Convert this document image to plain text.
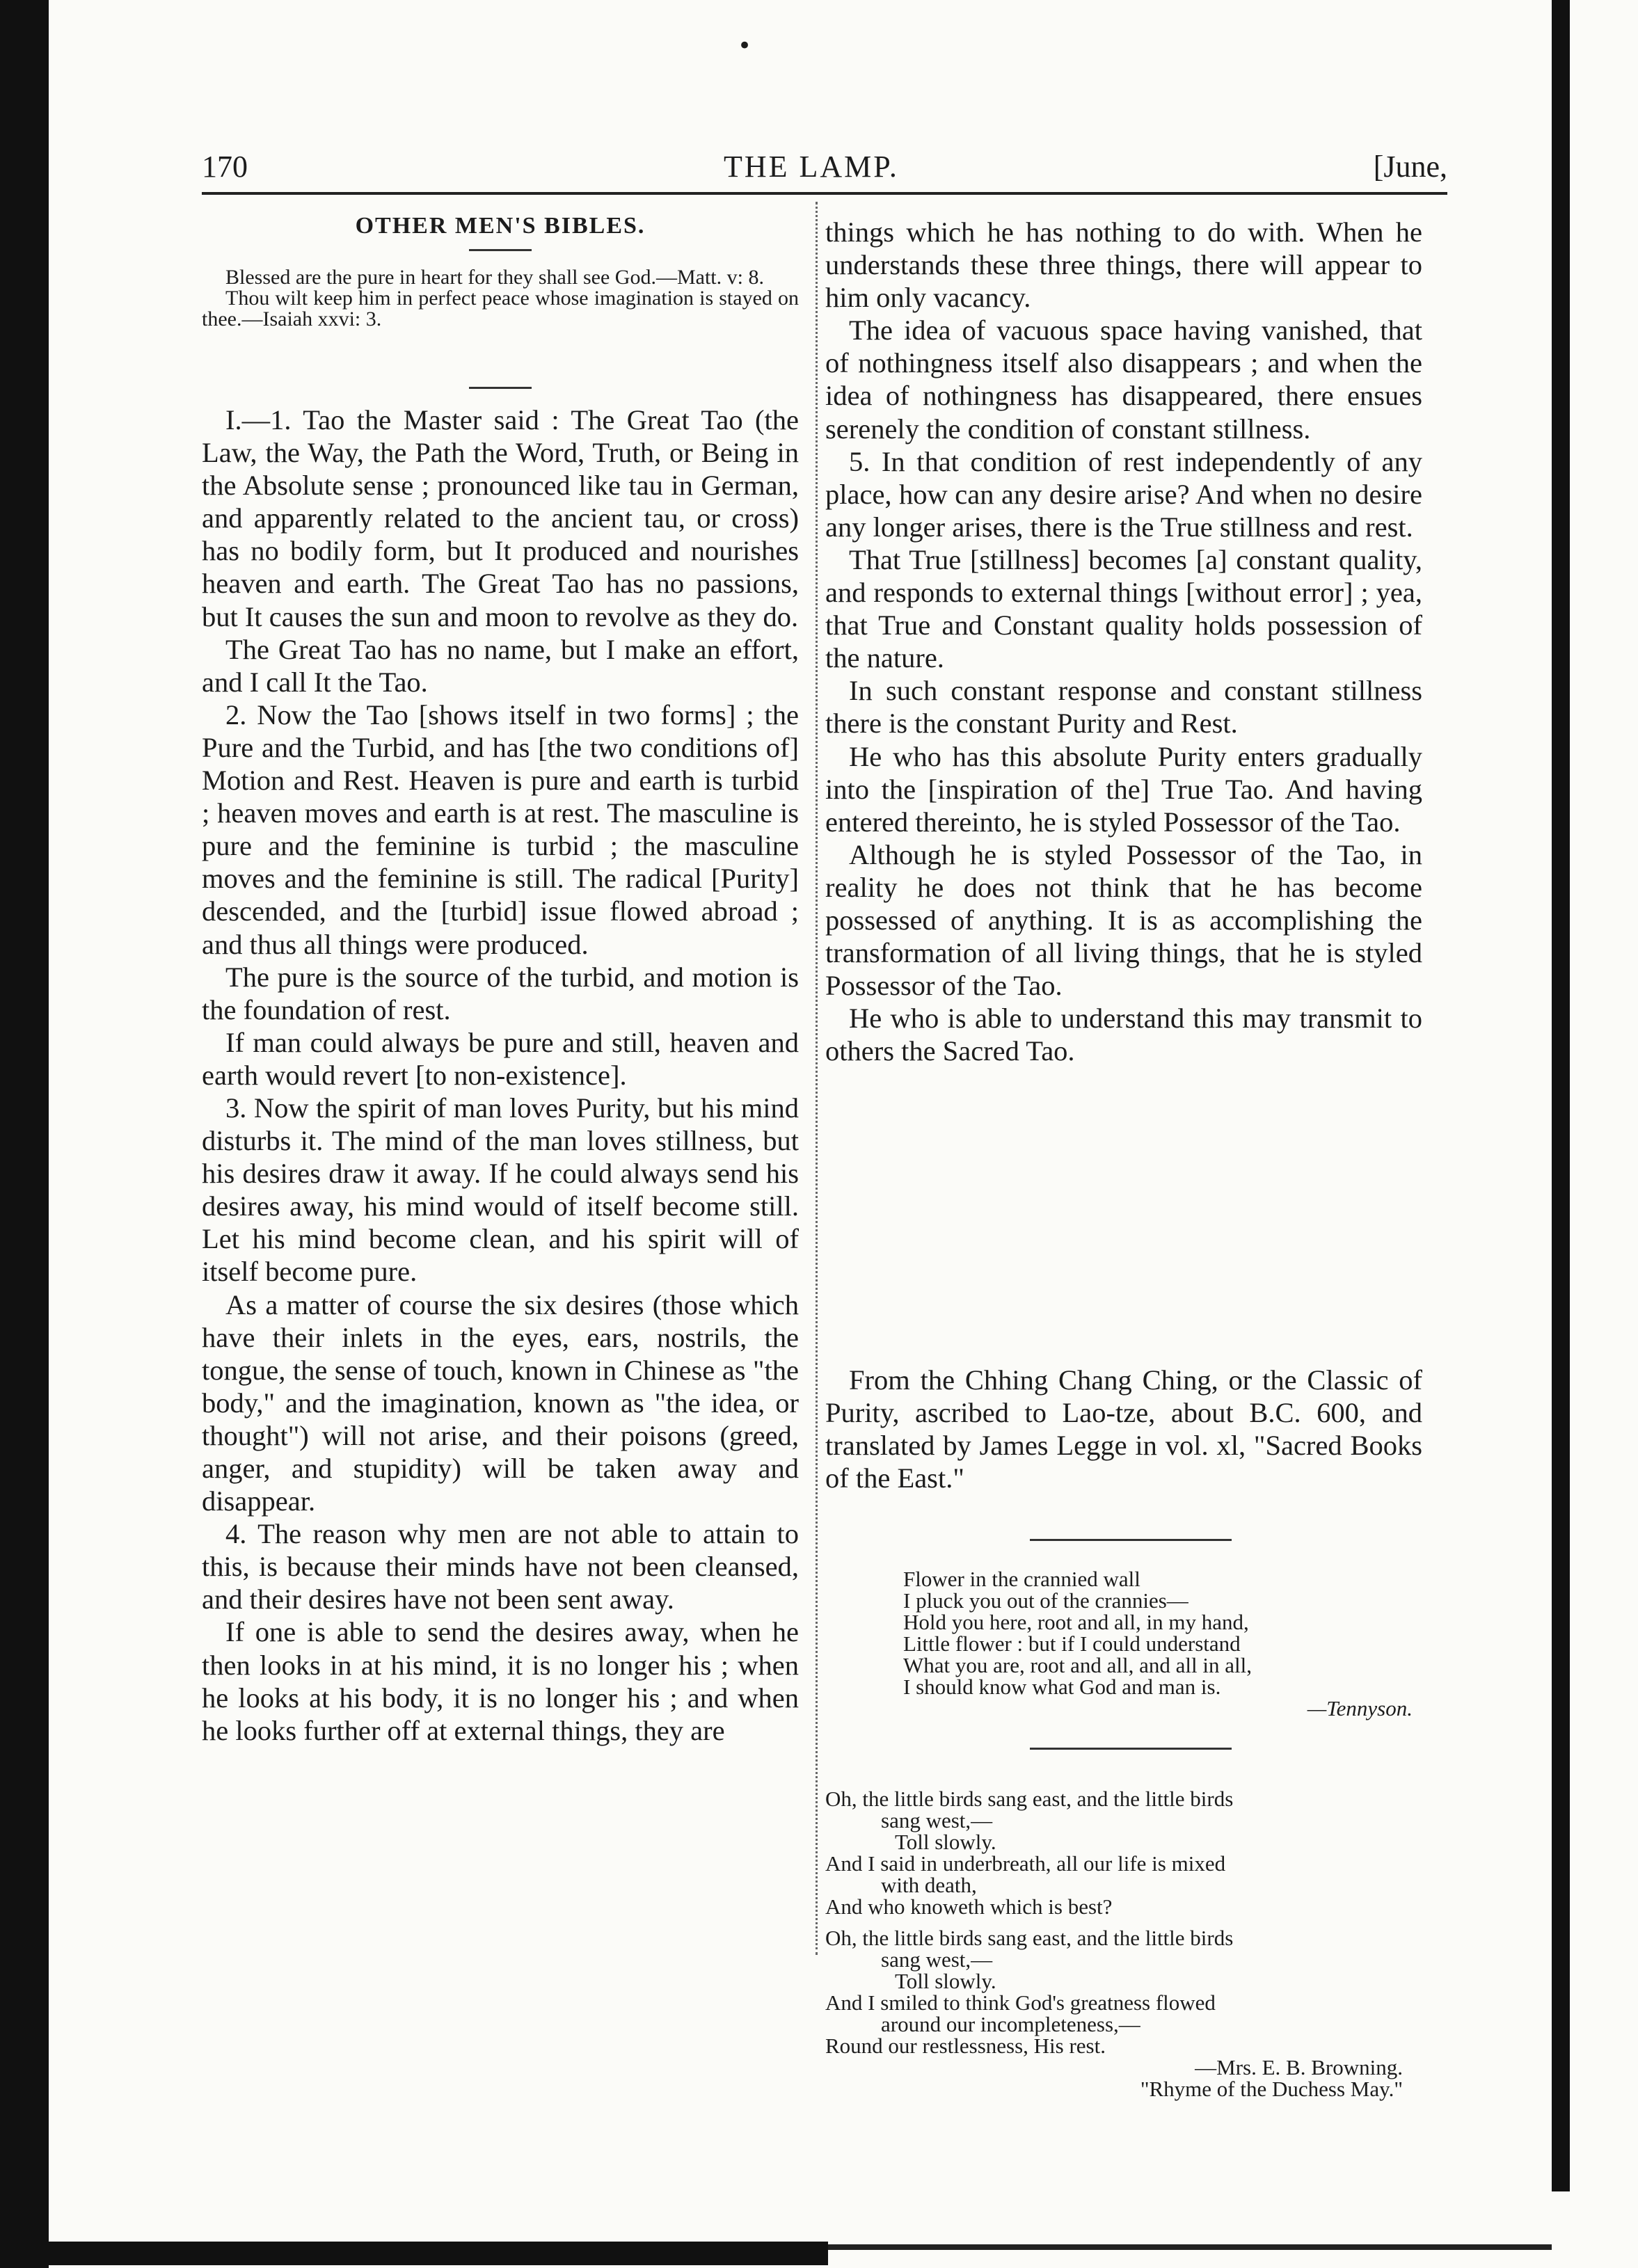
•
170	THE LAMP.	[June,
OTHER MEN'S BIBLES.

Blessed are the pure in heart for they shall see God.—Matt. v: 8.

Thou wilt keep him in perfect peace whose imagination is stayed on thee.—Isaiah xxvi: 3.

I.—1. Tao the Master said : The Great Tao (the Law, the Way, the Path the Word, Truth, or Being in the Absolute sense ; pronounced like tau in German, and apparently related to the ancient tau, or cross) has no bodily form, but It produced and nourishes heaven and earth. The Great Tao has no passions, but It causes the sun and moon to revolve as they do.

The Great Tao has no name, but I make an effort, and I call It the Tao.

2. Now the Tao [shows itself in two forms] ; the Pure and the Turbid, and has [the two conditions of] Motion and Rest. Heaven is pure and earth is turbid ; heaven moves and earth is at rest. The masculine is pure and the feminine is turbid ; the masculine moves and the feminine is still. The radical [Purity] descended, and the [turbid] issue flowed abroad ; and thus all things were produced.

The pure is the source of the turbid, and motion is the foundation of rest.

If man could always be pure and still, heaven and earth would revert [to non-existence].

3. Now the spirit of man loves Purity, but his mind disturbs it. The mind of the man loves stillness, but his desires draw it away. If he could always send his desires away, his mind would of itself become still. Let his mind become clean, and his spirit will of itself become pure.

As a matter of course the six desires (those which have their inlets in the eyes, ears, nostrils, the tongue, the sense of touch, known in Chinese as "the body," and the imagination, known as "the idea, or thought") will not arise, and their poisons (greed, anger, and stupidity) will be taken away and disappear.

4. The reason why men are not able to attain to this, is because their minds have not been cleansed, and their desires have not been sent away.

If one is able to send the desires away, when he then looks in at his mind, it is no longer his ; when he looks at his body, it is no longer his ; and when he looks further off at external things, they are

things which he has nothing to do with. When he understands these three things, there will appear to him only vacancy.

The idea of vacuous space having vanished, that of nothingness itself also disappears ; and when the idea of nothingness has disappeared, there ensues serenely the condition of constant stillness.

5. In that condition of rest independently of any place, how can any desire arise? And when no desire any longer arises, there is the True stillness and rest.

That True [stillness] becomes [a] constant quality, and responds to external things [without error] ; yea, that True and Constant quality holds possession of the nature.

In such constant response and constant stillness there is the constant Purity and Rest.

He who has this absolute Purity enters gradually into the [inspiration of the] True Tao. And having entered thereinto, he is styled Possessor of the Tao.

Although he is styled Possessor of the Tao, in reality he does not think that he has become possessed of anything. It is as accomplishing the transformation of all living things, that he is styled Possessor of the Tao.

He who is able to understand this may transmit to others the Sacred Tao.

From the Chhing Chang Ching, or the Classic of Purity, ascribed to Lao-tze, about B.C. 600, and translated by James Legge in vol. xl, "Sacred Books of the East."

Flower in the crannied wall
I pluck you out of the crannies—
Hold you here, root and all, in my hand,
Little flower : but if I could understand
What you are, root and all, and all in all,
I should know what God and man is.
—Tennyson.
Oh, the little birds sang east, and the little birds
sang west,—
Toll slowly.
And I said in underbreath, all our life is mixed
with death,
And who knoweth which is best?
Oh, the little birds sang east, and the little birds
sang west,—
Toll slowly.
And I smiled to think God's greatness flowed
around our incompleteness,—
Round our restlessness, His rest.
—Mrs. E. B. Browning.
"Rhyme of the Duchess May."
